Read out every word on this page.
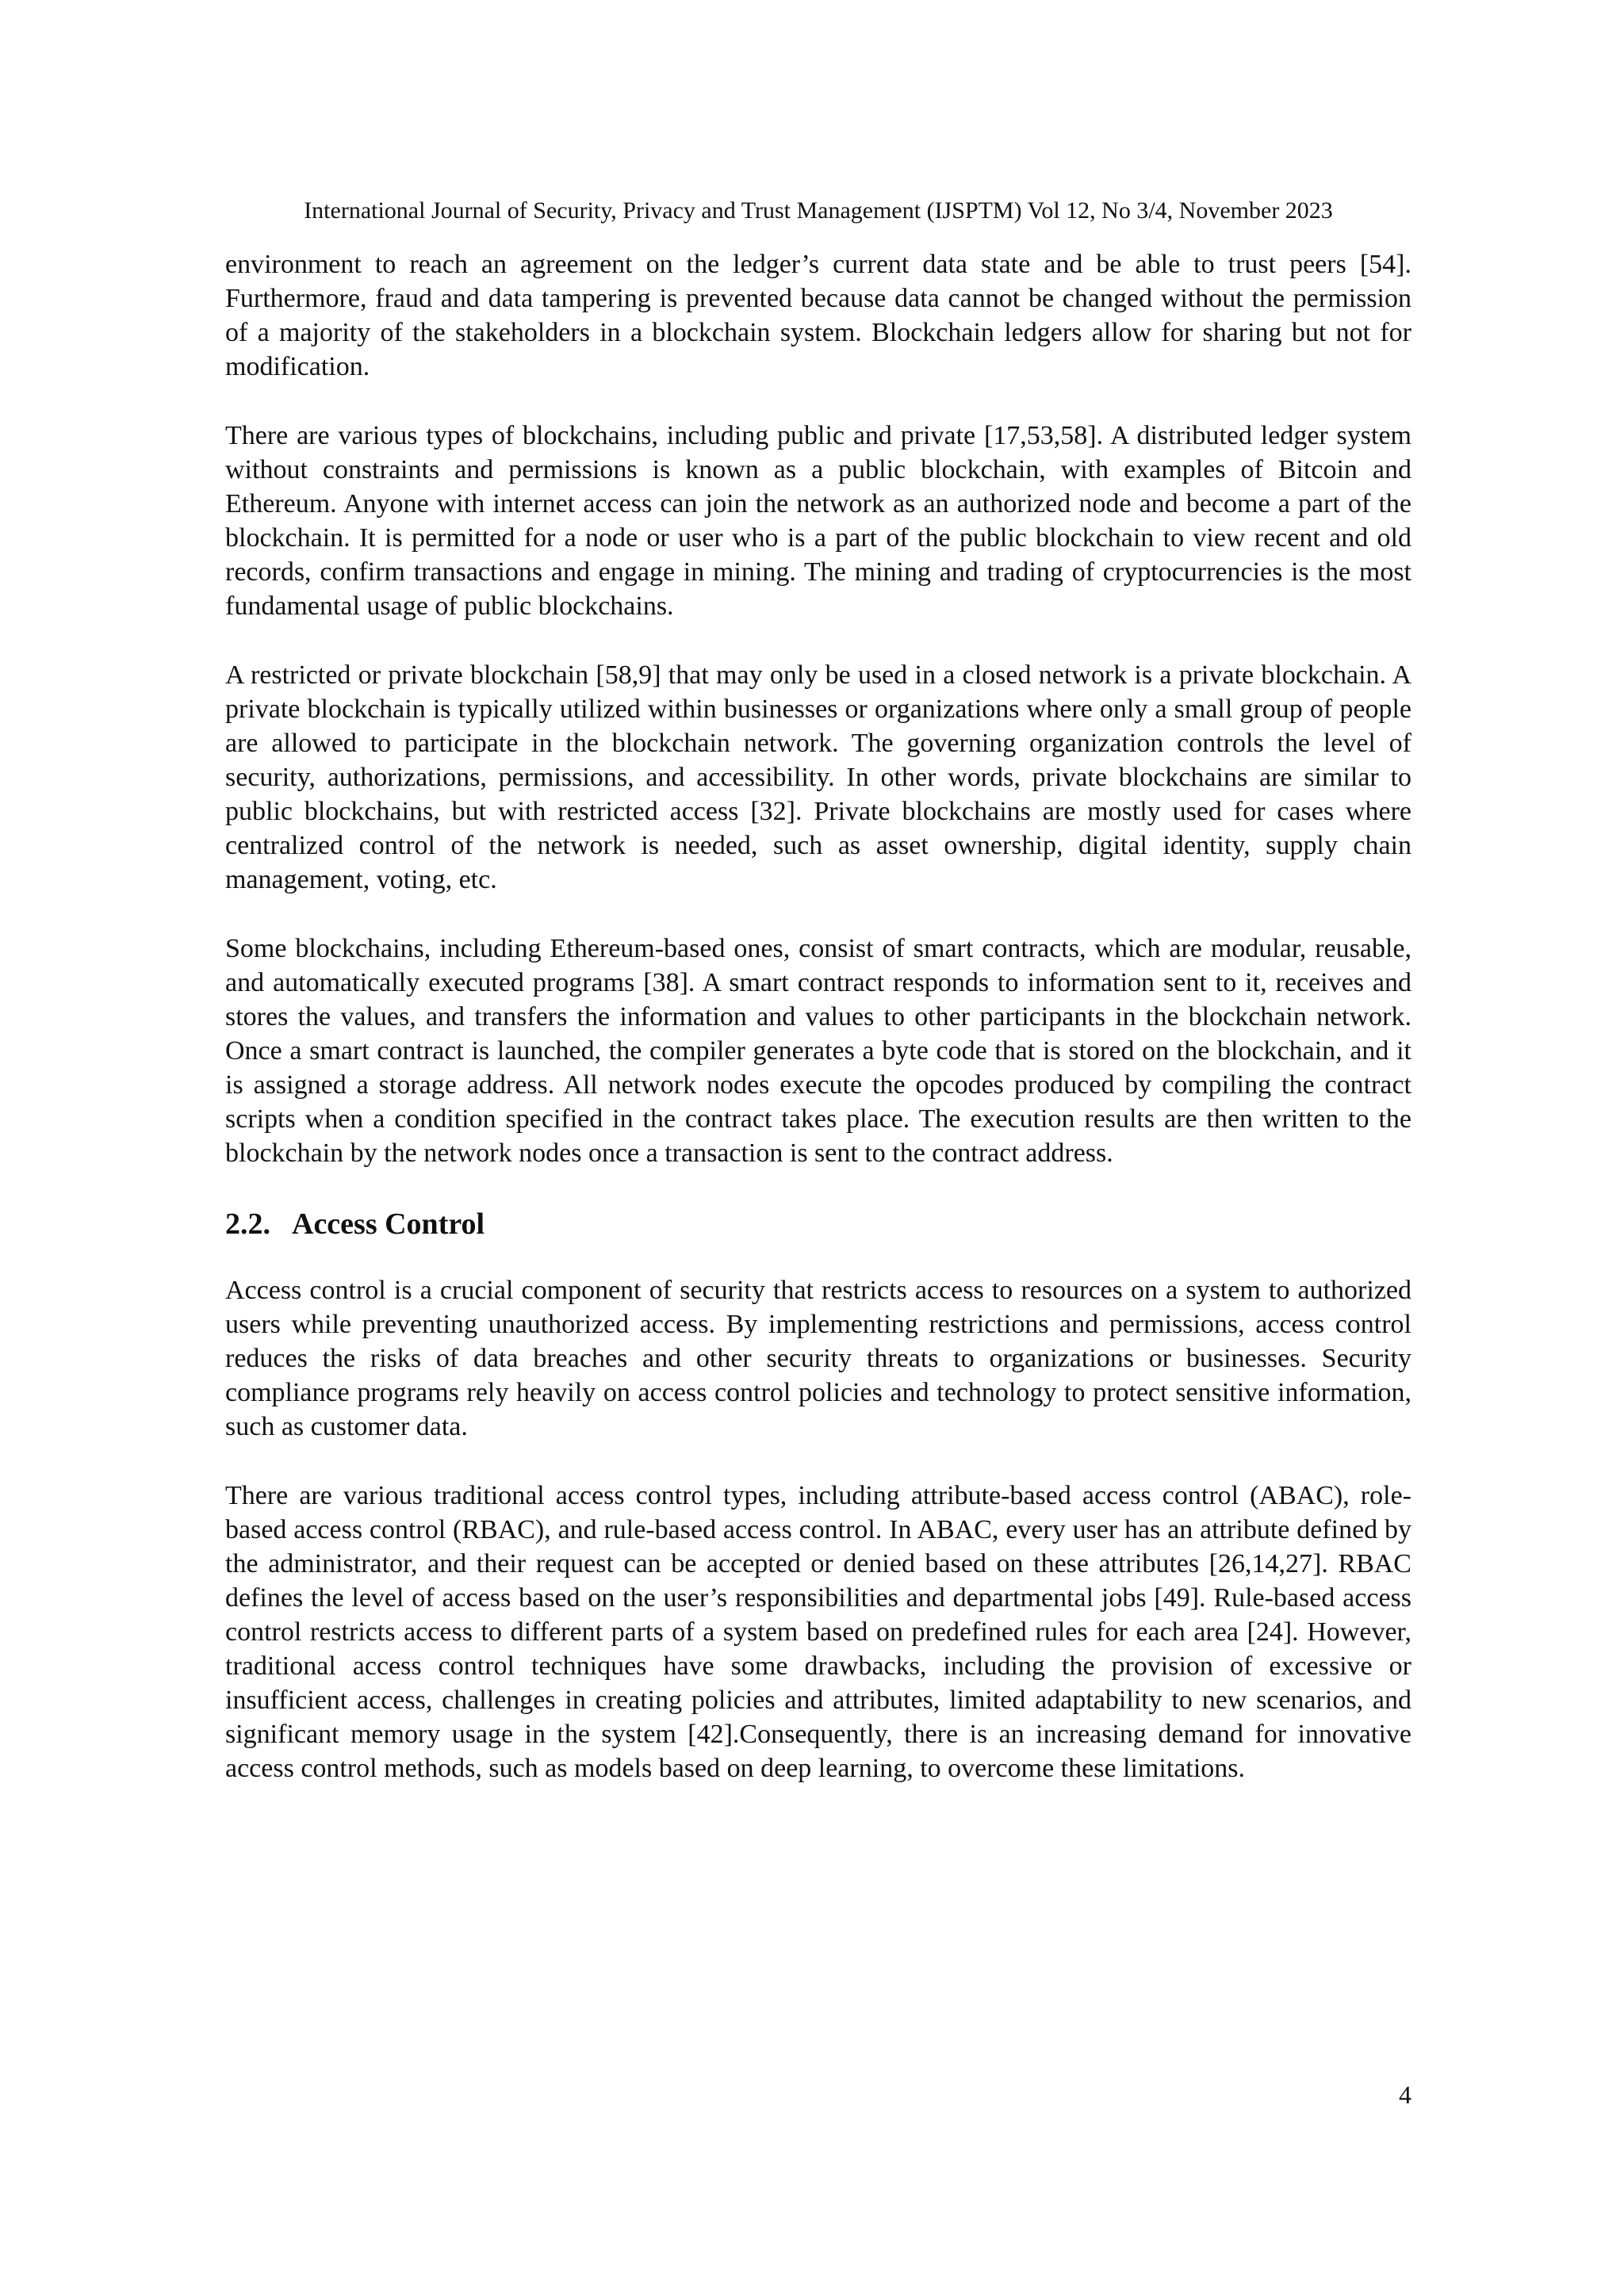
International Journal of Security, Privacy and Trust Management (IJSPTM) Vol 12, No 3/4, November 2023

environment to reach an agreement on the ledger’s current data state and be able to trust peers [54]. Furthermore, fraud and data tampering is prevented because data cannot be changed without the permission of a majority of the stakeholders in a blockchain system. Blockchain ledgers allow for sharing but not for modification.

There are various types of blockchains, including public and private [17,53,58]. A distributed ledger system without constraints and permissions is known as a public blockchain, with examples of Bitcoin and Ethereum. Anyone with internet access can join the network as an authorized node and become a part of the blockchain. It is permitted for a node or user who is a part of the public blockchain to view recent and old records, confirm transactions and engage in mining. The mining and trading of cryptocurrencies is the most fundamental usage of public blockchains.

A restricted or private blockchain [58,9] that may only be used in a closed network is a private blockchain. A private blockchain is typically utilized within businesses or organizations where only a small group of people are allowed to participate in the blockchain network. The governing organization controls the level of security, authorizations, permissions, and accessibility. In other words, private blockchains are similar to public blockchains, but with restricted access [32]. Private blockchains are mostly used for cases where centralized control of the network is needed, such as asset ownership, digital identity, supply chain management, voting, etc.

Some blockchains, including Ethereum-based ones, consist of smart contracts, which are modular, reusable, and automatically executed programs [38]. A smart contract responds to information sent to it, receives and stores the values, and transfers the information and values to other participants in the blockchain network. Once a smart contract is launched, the compiler generates a byte code that is stored on the blockchain, and it is assigned a storage address. All network nodes execute the opcodes produced by compiling the contract scripts when a condition specified in the contract takes place. The execution results are then written to the blockchain by the network nodes once a transaction is sent to the contract address.

2.2. Access Control

Access control is a crucial component of security that restricts access to resources on a system to authorized users while preventing unauthorized access. By implementing restrictions and permissions, access control reduces the risks of data breaches and other security threats to organizations or businesses. Security compliance programs rely heavily on access control policies and technology to protect sensitive information, such as customer data.

There are various traditional access control types, including attribute-based access control (ABAC), role-based access control (RBAC), and rule-based access control. In ABAC, every user has an attribute defined by the administrator, and their request can be accepted or denied based on these attributes [26,14,27]. RBAC defines the level of access based on the user’s responsibilities and departmental jobs [49]. Rule-based access control restricts access to different parts of a system based on predefined rules for each area [24]. However, traditional access control techniques have some drawbacks, including the provision of excessive or insufficient access, challenges in creating policies and attributes, limited adaptability to new scenarios, and significant memory usage in the system [42].Consequently, there is an increasing demand for innovative access control methods, such as models based on deep learning, to overcome these limitations.

4
